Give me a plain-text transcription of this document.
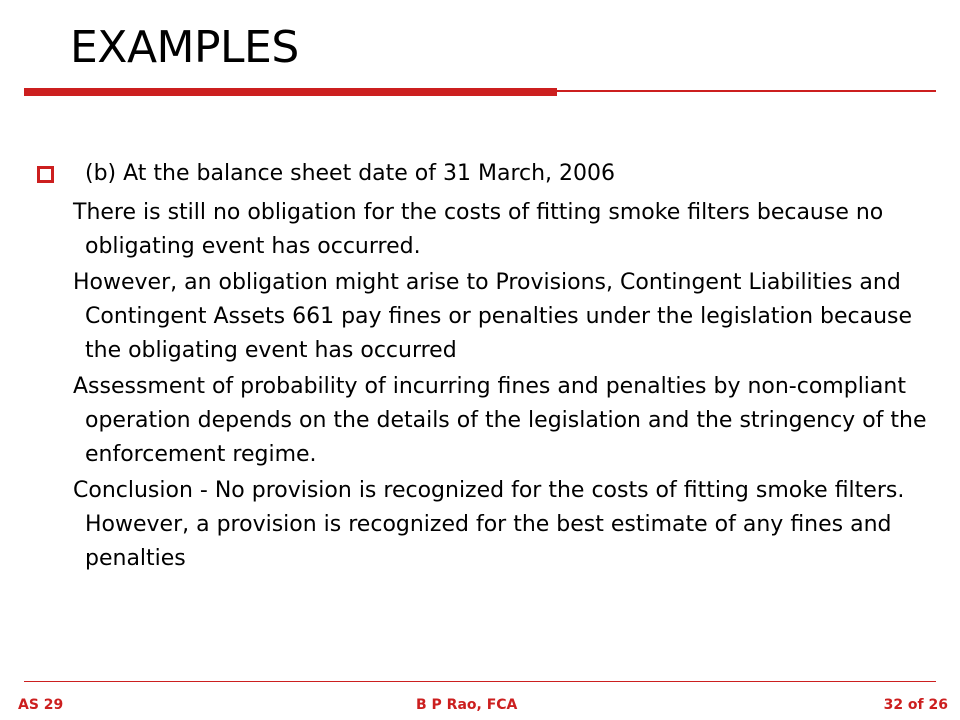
EXAMPLES
(b) At the balance sheet date of 31 March, 2006

There is still no obligation for the costs of fitting smoke filters because no obligating event has occurred.

However, an obligation might arise to Provisions, Contingent Liabilities and Contingent Assets 661 pay fines or penalties under the legislation because the obligating event has occurred

Assessment of probability of incurring fines and penalties by non-compliant operation depends on the details of the legislation and the stringency of the enforcement regime.

Conclusion - No provision is recognized for the costs of fitting smoke filters. However, a provision is recognized for the best estimate of any fines and penalties

AS 29	B P Rao, FCA	32 of 26
